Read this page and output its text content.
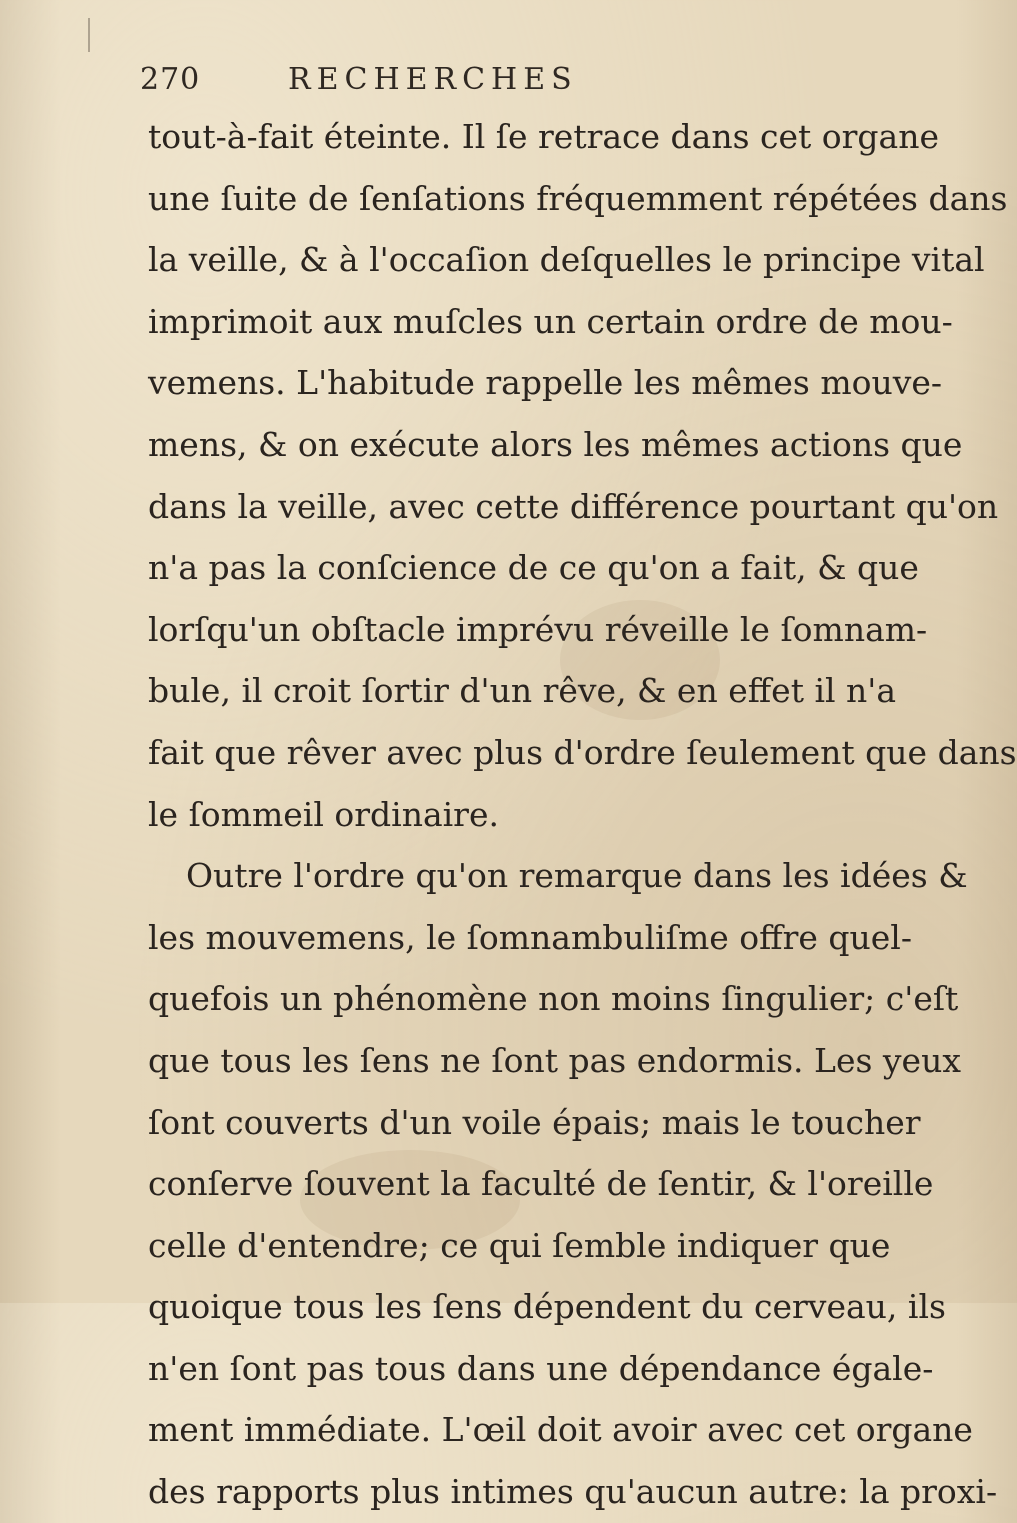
270	RECHERCHES
tout-à-fait éteinte. Il ſe retrace dans cet organe
une ſuite de ſenſations fréquemment répétées dans
la veille, & à l'occaſion deſquelles le principe vital
imprimoit aux muſcles un certain ordre de mou-
vemens. L'habitude rappelle les mêmes mouve-
mens, & on exécute alors les mêmes actions que
dans la veille, avec cette différence pourtant qu'on
n'a pas la conſcience de ce qu'on a fait, & que
lorſqu'un obſtacle imprévu réveille le ſomnam-
bule, il croit ſortir d'un rêve, & en effet il n'a
fait que rêver avec plus d'ordre ſeulement que dans
le ſommeil ordinaire.
Outre l'ordre qu'on remarque dans les idées &
les mouvemens, le ſomnambuliſme offre quel-
quefois un phénomène non moins ſingulier; c'eſt
que tous les ſens ne ſont pas endormis. Les yeux
ſont couverts d'un voile épais; mais le toucher
conſerve ſouvent la faculté de ſentir, & l'oreille
celle d'entendre; ce qui ſemble indiquer que
quoique tous les ſens dépendent du cerveau, ils
n'en ſont pas tous dans une dépendance égale-
ment immédiate. L'œil doit avoir avec cet organe
des rapports plus intimes qu'aucun autre: la proxi-
